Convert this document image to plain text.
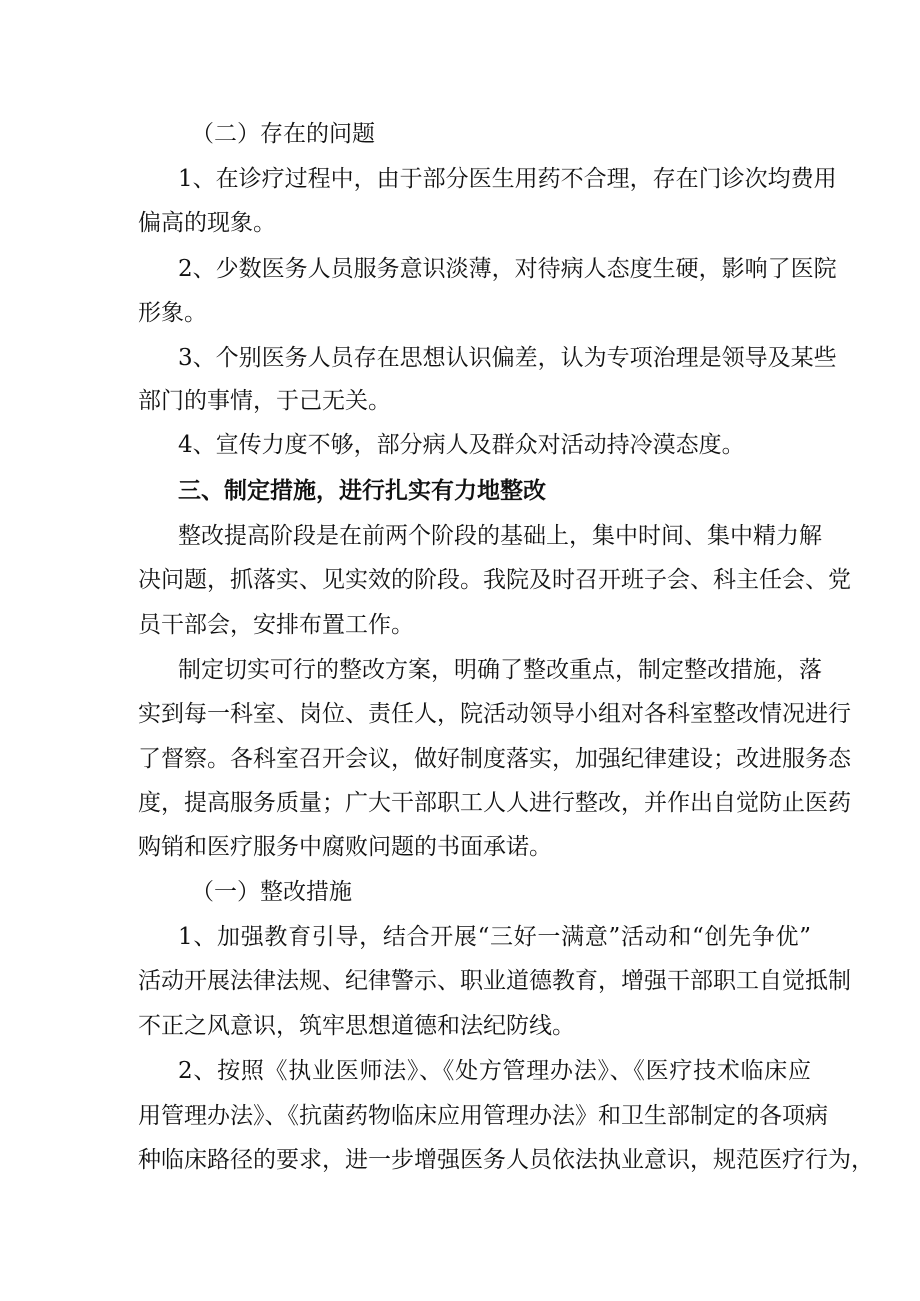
（二）存在的问题
1、在诊疗过程中，由于部分医生用药不合理，存在门诊次均费用
偏高的现象。
2、少数医务人员服务意识淡薄，对待病人态度生硬，影响了医院
形象。
3、个别医务人员存在思想认识偏差，认为专项治理是领导及某些
部门的事情，于己无关。
4、宣传力度不够，部分病人及群众对活动持冷漠态度。
三、制定措施，进行扎实有力地整改
整改提高阶段是在前两个阶段的基础上，集中时间、集中精力解
决问题，抓落实、见实效的阶段。我院及时召开班子会、科主任会、党
员干部会，安排布置工作。
制定切实可行的整改方案，明确了整改重点，制定整改措施，落
实到每一科室、岗位、责任人，院活动领导小组对各科室整改情况进行
了督察。各科室召开会议，做好制度落实，加强纪律建设；改进服务态
度，提高服务质量；广大干部职工人人进行整改，并作出自觉防止医药
购销和医疗服务中腐败问题的书面承诺。
（一）整改措施
1、加强教育引导，结合开展“三好一满意”活动和“创先争优”
活动开展法律法规、纪律警示、职业道德教育，增强干部职工自觉抵制
不正之风意识，筑牢思想道德和法纪防线。
2、按照《执业医师法》、《处方管理办法》、《医疗技术临床应
用管理办法》、《抗菌药物临床应用管理办法》和卫生部制定的各项病
种临床路径的要求，进一步增强医务人员依法执业意识，规范医疗行为，
